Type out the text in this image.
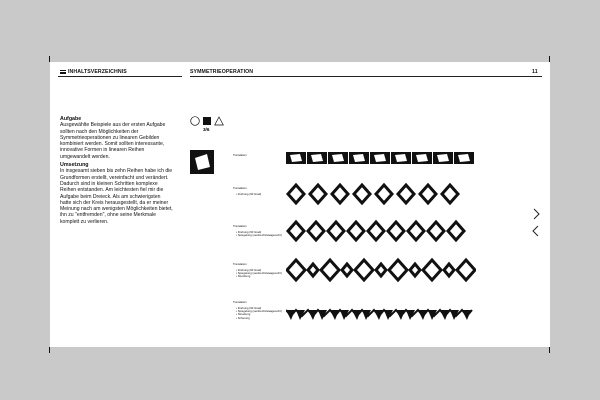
INHALTSVERZEICHNIS	SYMMETRIEOPERATION	11
Aufgabe

Ausgewählte Beispiele aus der ersten Aufgabe sollten nach den Möglichkeiten der Symmetrieoperationen zu linearen Gebilden kombiniert werden. Somit sollten interessante, innovative Formen in linearen Reihen umgewandelt werden.

Umsetzung

In insgesamt sieben bis zehn Reihen habe ich die Grundformen erstellt, vereinfacht und verändert. Dadurch sind in kleinen Schritten komplexe Reihen entstanden. Am leichtesten fiel mir die Aufgabe beim Dreieck. Als am schwierigsten hatte sich der Kreis herausgestellt, da er meiner Meinung nach am wenigsten Möglichkeiten bietet, ihn zu "entfremden", ohne seine Merkmale komplett zu verlieren.

3/6

Translation

Translation

• Drehung (90 Grad)

Translation

• Drehung (90 Grad)

• Spiegelung (senkrecht/waagerecht)

Translation

• Drehung (90 Grad)

• Spiegelung (senkrecht/waagerecht)

• Streckung

Translation

• Drehung (90 Grad)

• Spiegelung (senkrecht/waagerecht)

• Streckung

• Scherung
